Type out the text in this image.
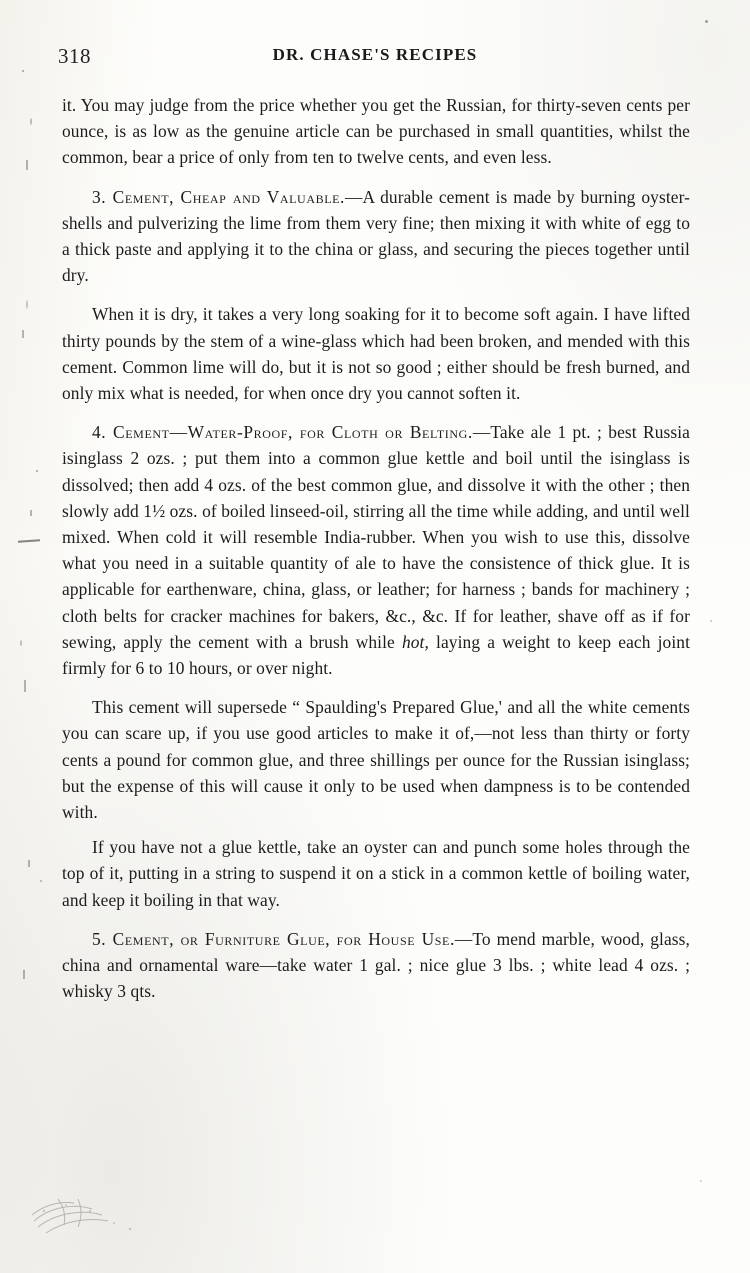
318	DR. CHASE'S RECIPES

it. You may judge from the price whether you get the Russian, for thirty-seven cents per ounce, is as low as the genuine article can be purchased in small quantities, whilst the common, bear a price of only from ten to twelve cents, and even less.

3. Cement, Cheap and Valuable.—A durable cement is made by burning oyster-shells and pulverizing the lime from them very fine; then mixing it with white of egg to a thick paste and applying it to the china or glass, and securing the pieces together until dry.

When it is dry, it takes a very long soaking for it to become soft again. I have lifted thirty pounds by the stem of a wine-glass which had been broken, and mended with this cement. Common lime will do, but it is not so good ; either should be fresh burned, and only mix what is needed, for when once dry you cannot soften it.

4. Cement—Water-Proof, for Cloth or Belting.—Take ale 1 pt. ; best Russia isinglass 2 ozs. ; put them into a common glue kettle and boil until the isinglass is dissolved; then add 4 ozs. of the best common glue, and dissolve it with the other ; then slowly add 1½ ozs. of boiled linseed-oil, stirring all the time while adding, and until well mixed. When cold it will resemble India-rubber. When you wish to use this, dissolve what you need in a suitable quantity of ale to have the consistence of thick glue. It is applicable for earthenware, china, glass, or leather; for harness ; bands for machinery ; cloth belts for cracker machines for bakers, &c., &c. If for leather, shave off as if for sewing, apply the cement with a brush while hot, laying a weight to keep each joint firmly for 6 to 10 hours, or over night.

This cement will supersede “ Spaulding's Prepared Glue,' and all the white cements you can scare up, if you use good articles to make it of,—not less than thirty or forty cents a pound for common glue, and three shillings per ounce for the Russian isinglass; but the expense of this will cause it only to be used when dampness is to be contended with.

If you have not a glue kettle, take an oyster can and punch some holes through the top of it, putting in a string to suspend it on a stick in a common kettle of boiling water, and keep it boiling in that way.

5. Cement, or Furniture Glue, for House Use.—To mend marble, wood, glass, china and ornamental ware—take water 1 gal. ; nice glue 3 lbs. ; white lead 4 ozs. ; whisky 3 qts.
